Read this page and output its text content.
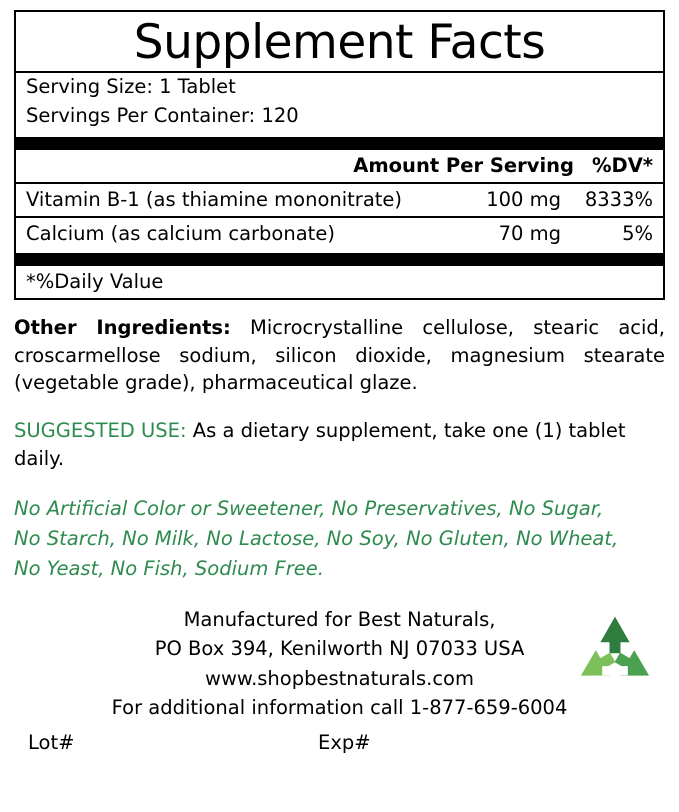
Supplement Facts
Serving Size: 1 Tablet
Servings Per Container: 120
Amount Per Serving %DV*
Vitamin B-1 (as thiamine mononitrate)	100 mg	8333%
Calcium (as calcium carbonate)	70 mg	5%
*%Daily Value
Other Ingredients: Microcrystalline cellulose, stearic acid, croscarmellose sodium, silicon dioxide, magnesium stearate (vegetable grade), pharmaceutical glaze.
SUGGESTED USE: As a dietary supplement, take one (1) tablet daily.
No Artificial Color or Sweetener, No Preservatives, No Sugar,
No Starch, No Milk, No Lactose, No Soy, No Gluten, No Wheat,
No Yeast, No Fish, Sodium Free.
Manufactured for Best Naturals,
PO Box 394, Kenilworth NJ 07033 USA
www.shopbestnaturals.com
For additional information call 1-877-659-6004
Lot#	Exp#
